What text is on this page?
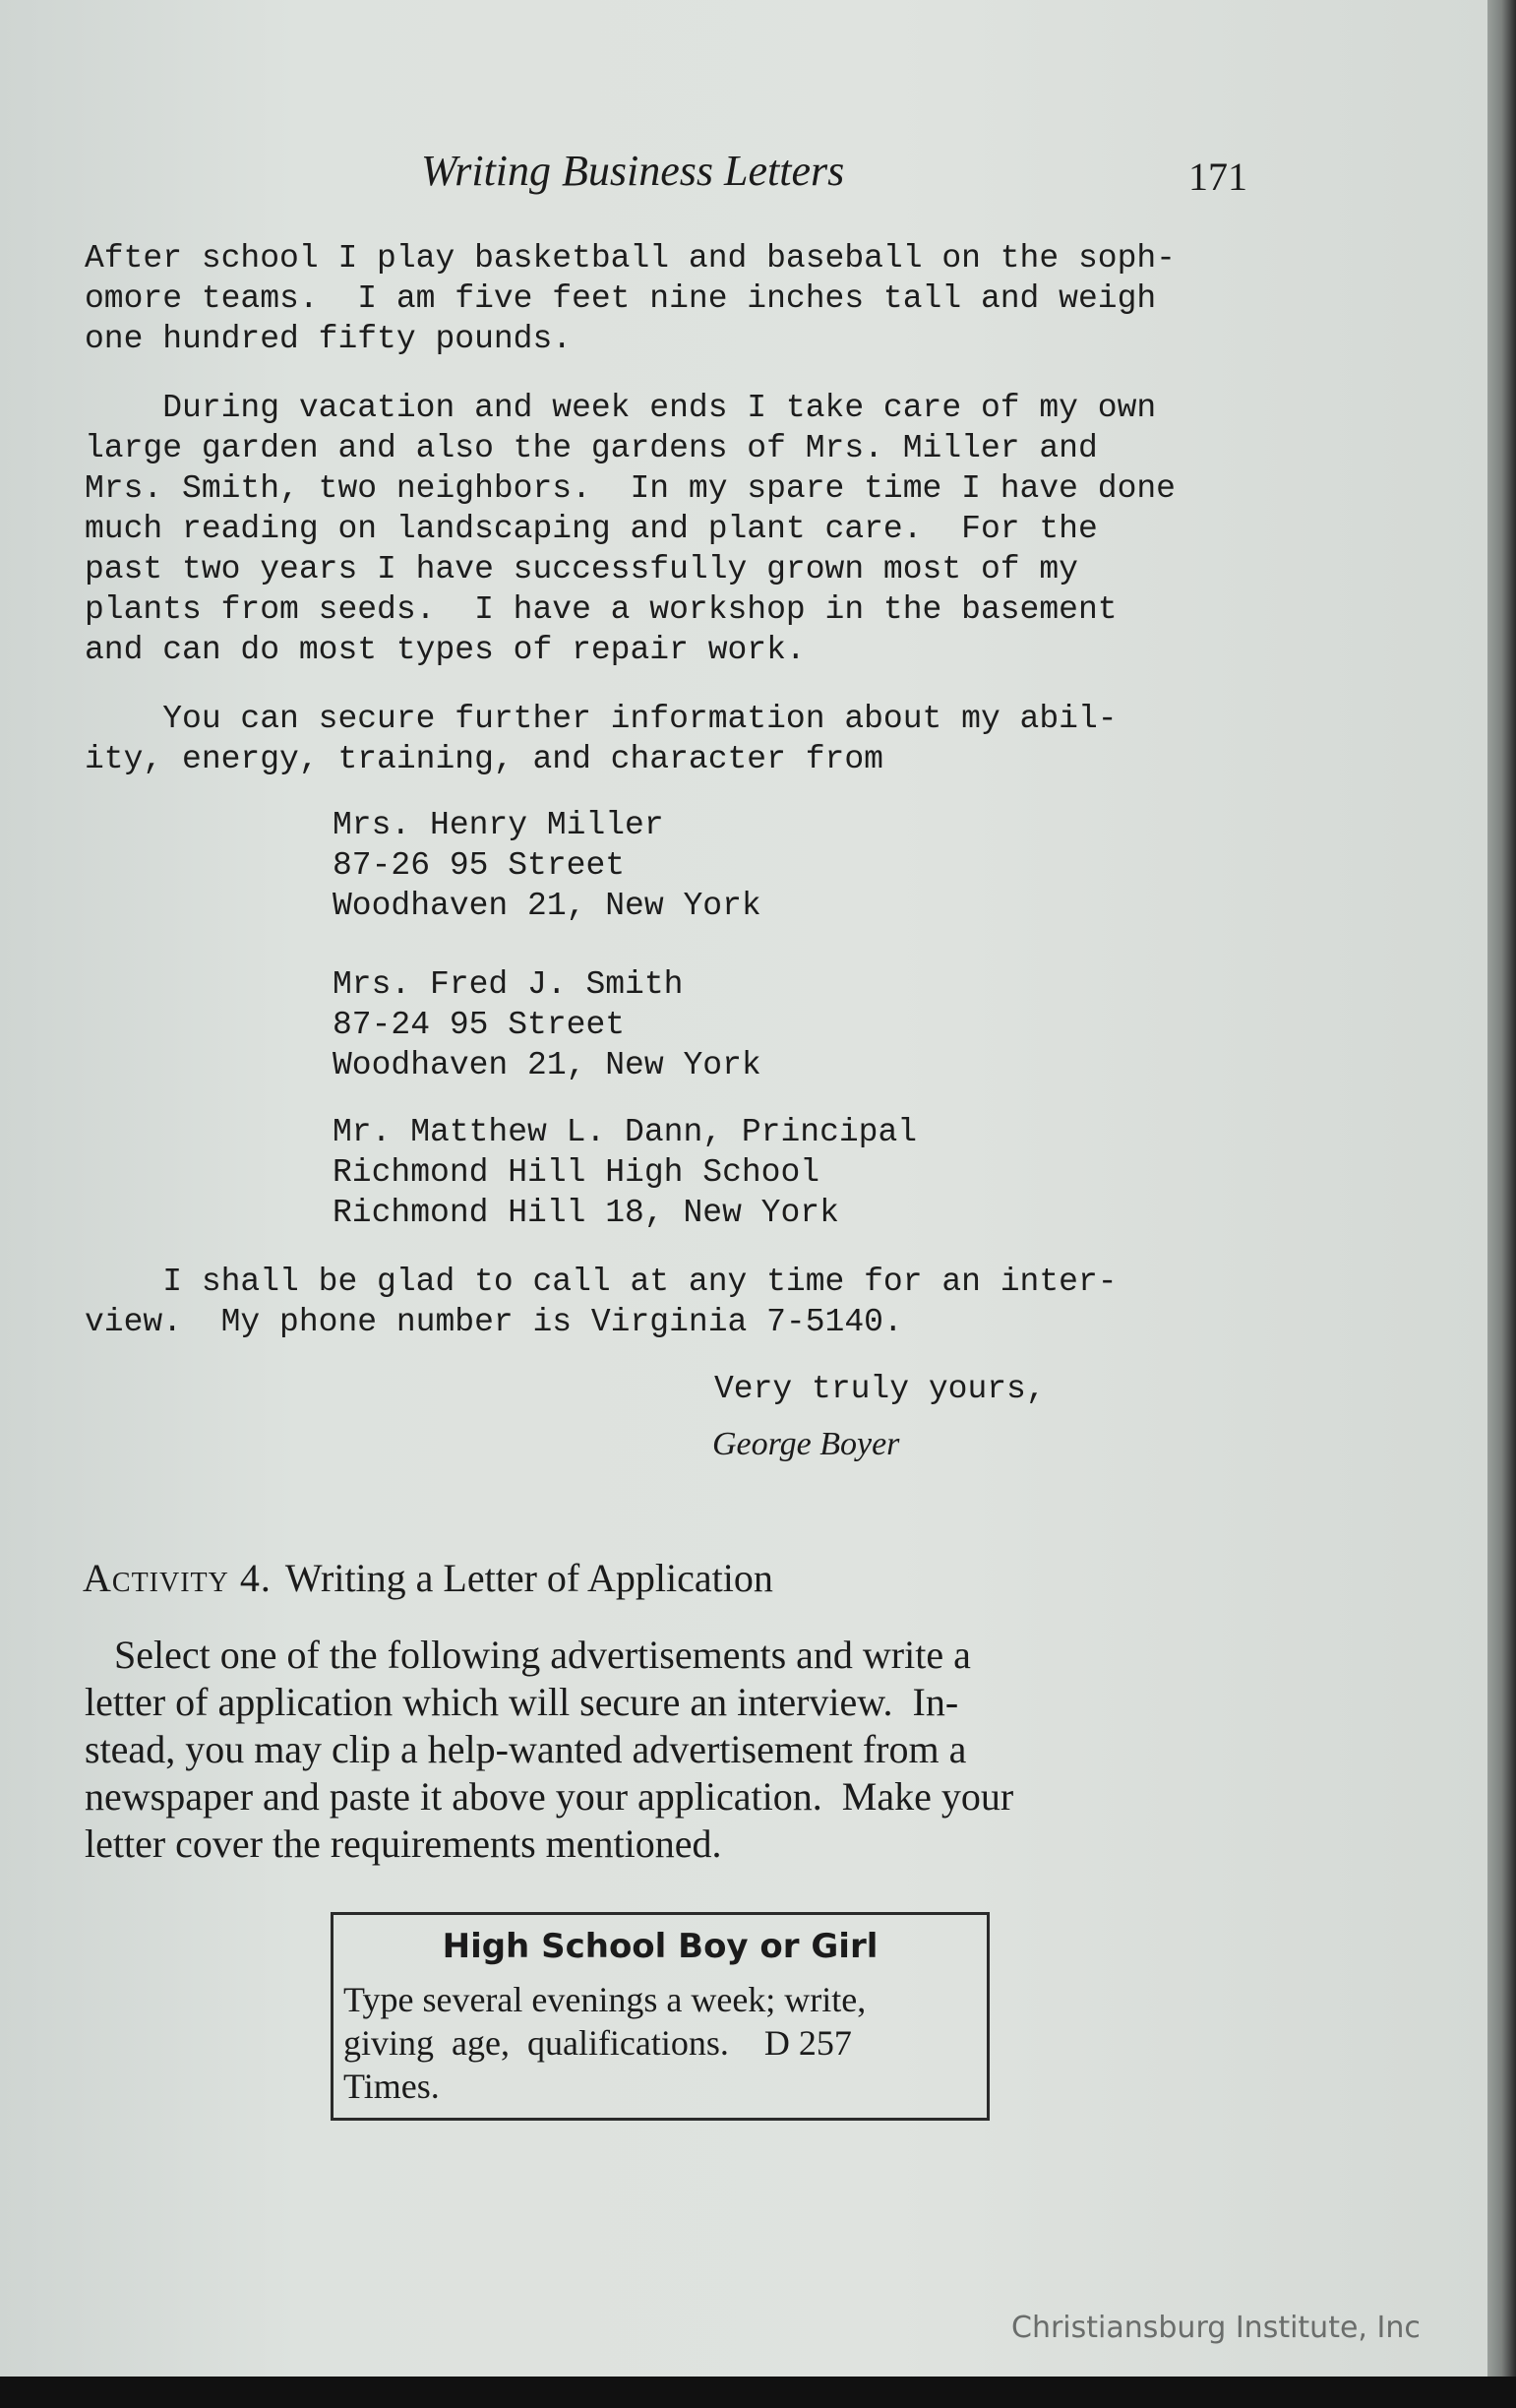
Writing Business Letters	171
After school I play basketball and baseball on the soph-
omore teams.  I am five feet nine inches tall and weigh
one hundred fifty pounds.
During vacation and week ends I take care of my own
large garden and also the gardens of Mrs. Miller and
Mrs. Smith, two neighbors.  In my spare time I have done
much reading on landscaping and plant care.  For the
past two years I have successfully grown most of my
plants from seeds.  I have a workshop in the basement
and can do most types of repair work.
You can secure further information about my abil-
ity, energy, training, and character from
Mrs. Henry Miller
87-26 95 Street
Woodhaven 21, New York
Mrs. Fred J. Smith
87-24 95 Street
Woodhaven 21, New York
Mr. Matthew L. Dann, Principal
Richmond Hill High School
Richmond Hill 18, New York
I shall be glad to call at any time for an inter-
view.  My phone number is Virginia 7-5140.
Very truly yours,
George Boyer
Activity 4. Writing a Letter of Application
Select one of the following advertisements and write a
letter of application which will secure an interview.  In-
stead, you may clip a help-wanted advertisement from a
newspaper and paste it above your application.  Make your
letter cover the requirements mentioned.
High School Boy or Girl
Type several evenings a week; write,
giving  age,  qualifications.    D 257
Times.
Christiansburg Institute, Inc
